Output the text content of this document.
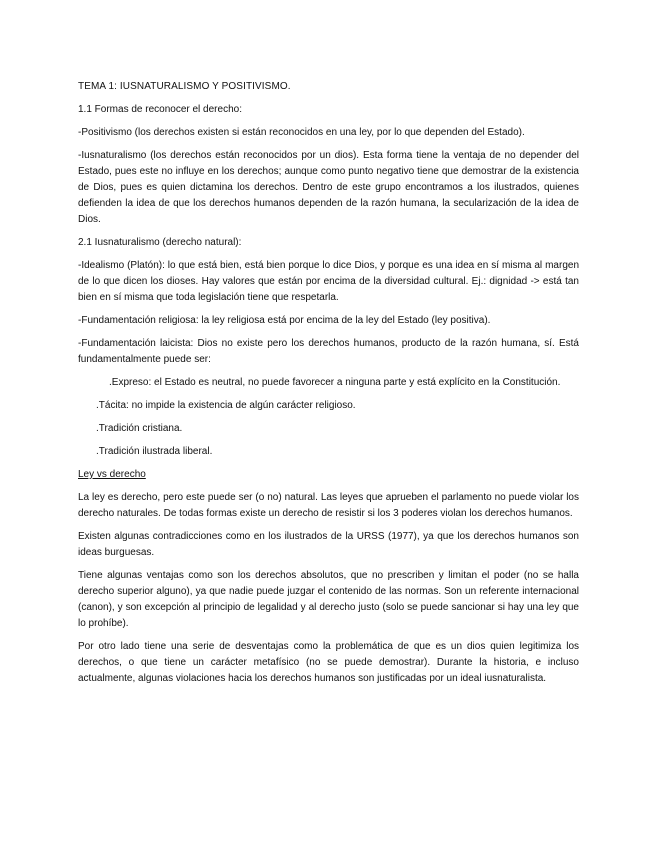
TEMA 1: IUSNATURALISMO Y POSITIVISMO.

1.1 Formas de reconocer el derecho:

-Positivismo (los derechos existen si están reconocidos en una ley, por lo que dependen del Estado).

-Iusnaturalismo (los derechos están reconocidos por un dios). Esta forma tiene la ventaja de no depender del Estado, pues este no influye en los derechos; aunque como punto negativo tiene que demostrar de la existencia de Dios, pues es quien dictamina los derechos. Dentro de este grupo encontramos a los ilustrados, quienes defienden la idea de que los derechos humanos dependen de la razón humana, la secularización de la idea de Dios.

2.1 Iusnaturalismo (derecho natural):

-Idealismo (Platón): lo que está bien, está bien porque lo dice Dios, y porque es una idea en sí misma al margen de lo que dicen los dioses. Hay valores que están por encima de la diversidad cultural. Ej.: dignidad -> está tan bien en sí misma que toda legislación tiene que respetarla.

-Fundamentación religiosa: la ley religiosa está por encima de la ley del Estado (ley positiva).

-Fundamentación laicista: Dios no existe pero los derechos humanos, producto de la razón humana, sí. Está fundamentalmente puede ser:

.Expreso: el Estado es neutral, no puede favorecer a ninguna parte y está explícito en la Constitución.

.Tácita: no impide la existencia de algún carácter religioso.

.Tradición cristiana.

.Tradición ilustrada liberal.

Ley vs derecho

La ley es derecho, pero este puede ser (o no) natural. Las leyes que aprueben el parlamento no puede violar los derecho naturales. De todas formas existe un derecho de resistir si los 3 poderes violan los derechos humanos.

Existen algunas contradicciones como en los ilustrados de la URSS (1977), ya que los derechos humanos son ideas burguesas.

Tiene algunas ventajas como son los derechos absolutos, que no prescriben y limitan el poder (no se halla derecho superior alguno), ya que nadie puede juzgar el contenido de las normas. Son un referente internacional (canon), y son excepción al principio de legalidad y al derecho justo (solo se puede sancionar si hay una ley que lo prohíbe).

Por otro lado tiene una serie de desventajas como la problemática de que es un dios quien legitimiza los derechos, o que tiene un carácter metafísico (no se puede demostrar). Durante la historia, e incluso actualmente, algunas violaciones hacia los derechos humanos son justificadas por un ideal iusnaturalista.
